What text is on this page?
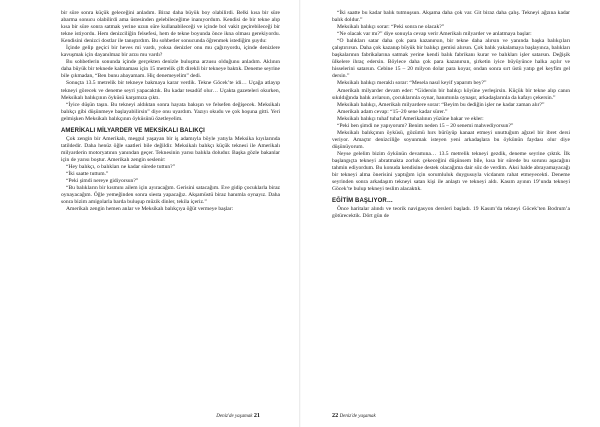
bir süre sonra küçük geleceğini anladım. Biraz daha büyük boy olabilirdi. Belki kısa bir süre abarma sonucu olabilirdi ama üstesinden gelebileceğime inanıyordum. Kendisi de bir tekne alıp kısa bir süre sonra satmak yerine uzun süre kullanabileceği ve içinde bol vakit geçirebileceği bir tekne istiyordu. Hem denizciliğin felsefesi, hem de tekne boyunda önce ikna olması gerekiyordu. Kendisini denizci dostlar ile tanıştırdım. Bu sohbetler sonucunda öğrenmek istediğim şuydu:

İçinde gelip geçici bir heves mi vardı, yoksa denizler onu mu çağırıyordu, içinde denizlere kavuşmak için dayanılmaz bir arzu mu vardı?

Bu sohbetlerin sonunda içinde gerçekten denizle buluşma arzusu olduğunu anladım. Aklının daha büyük bir teknede kalmaması için 15 metrelik çift direkli bir tekneye baktık. Deneme seyrine bile çıkmadan, “Ben bunu abayamam. Hiç denemeyelim” dedi.

Sonuçta 13.5 metrelik bir tekneye bakmaya karar verdik. Tekne Göcek’te idi… Uçağa atlayıp tekneyi görecek ve deneme seyri yapacaktık. Bu kadar tesadüf olur… Uçakta gazeteleri okurken, Meksikalı balıkçının öyküsü karşımıza çıktı.

“İyice düşün taşın. Bu tekneyi aldıktan sonra hayata bakışın ve felsefen değişecek. Meksikalı balıkçı gibi düşünmeye başlayabilirsin” diye onu uyardım. Yazıyı okudu ve çok hoşuna gitti. Yeri gelmişken Meksikalı balıkçının öyküsünü özetleyelim.

AMERİKALI MİLYARDER VE MEKSİKALI BALIKÇI

Çok zengin bir Amerikalı, meşgul yaşayan bir iş adamıyla böyle yatıyla Meksika kıyılarında tatildedir. Daha henüz öğle saatleri bile değildir. Meksikalı balıkçı küçük teknesi ile Amerikalı milyarderin motoryatının yanından geçer. Teknesinin yarısı balıkla doludur. Başka gözle bakanlar için de yarısı boştur. Amerikalı zengin seslenir:

“Hey balıkçı, o balıkları ne kadar sürede tuttun?”

“İki saatte tuttum.”

“Peki şimdi nereye gidiyorsun?”

“Bu balıkların bir kısmını ailem için ayıracağım. Gerisini satacağım. Eve gidip çocuklarla biraz oynayacağım. Öğle yemeğinden sonra siesta yapacağız. Akşamüstü biraz hanımla oynayız. Daha sonra bizim amigolarla barda buluşup müzik dinler, tekila içeriz.”

Amerikalı zengin hemen anlar ve Meksikalı balıkçıya öğüt vermeye başlar:

Deniz'de yaşamak 21

“İki saatte bu kadar balık tutmuşsun. Akşama daha çok var. Git biraz daha çalış. Tekneyi ağzına kadar balık doldur.”

Meksikalı balıkçı sorar: “Peki sonra ne olacak?”

“Ne olacak var mı?” diye sonuyla cevap verir Amerikalı milyarder ve anlatmaya başlar:

“O balıkları satar daha çok para kazanırsın, bir tekne daha alırsın ve yanında başka balıkçıları çalıştırırsın. Daha çok kazanıp büyük bir balıkçı gemisi alırsın. Çok balık yakalamaya başlayınca, balıkları başkalarının fabrikalarına satmak yerine kendi balık fabrikanı kurar ve balıkları işler satarsın. Değişik ülkelere ihraç edersin. Böylece daha çok para kazanırsın, şirketin iyice büyüyünce halka açılır ve hisselerini satarsın. Cebine 15 – 20 milyon dolar para koyar, ondan sonra sırt üstü yatıp gel keyfim gel dersin.”

Meksikalı balıkçı meraklı sorar: “Mesela nasıl keyif yaparım bey?”

Amerikalı milyarder devam eder: “Gidersin bir balıkçı köyüne yerleşirsin. Küçük bir tekne alıp canın sıkıldığında balık avlarsın, çocuklarınla oynar, hanımınla oynaşır, arkadaşlarınla da kafayı çekersin.”

Meksikalı balıkçı, Amerikalı milyardere sorar: “Beyim bu dediğin işler ne kadar zaman alır?”

Amerikalı adam cevap: “15–20 sene kadar sürer.”

Meksikalı balıkçı tuhaf tuhaf Amerikalının yüzüne bakar ve ekler:

“Peki ben şimdi ne yapıyorum? Benim neden 15 – 20 senemi mahvediyorsun?”

Meksikalı balıkçının öyküsü, gözümü hırs bürüyüp kanaat etmeyi unuttuğum ağızel bir ibret dersi veriyor. Amaçtır denizciliğe soyunmak isteyen yeni arkadaşlara bu öykünün faydası olur diye düşünüyorum.

Neyse gelelim bizim öykünün devamına… 13.5 metrelik tekneyi gezdik, deneme seyrine çıktık. İlk başlangıçta tekneyi abratmakta zorluk çekeceğini düşünsem bile, kısa bir sürede bu sorunu aşacağını tahmin ediyordum. Bu konuda kendisine destek olacağıma dair söz de verdim. Aksi halde abrayamayacağı bir tekneyi alma önerisini yaptığım için sorumluluk duygusuyla vicdanım rahat etmeyecekti. Deneme seyrinden sonra arkadaşım tekneyi satan kişi ile anlaştı ve tekneyi aldı. Kasım ayının 19’unda tekneyi Göcek’te bulup tekneyi teslim alacaktık.

EĞİTİM BAŞLIYOR…

Önce haritalar alındı ve teorik navigasyon dersleri başladı. 19 Kasım’da tekneyi Göcek’ten Bodrum’a götürecektik. Dört gün de

22 Deniz'de yaşamak
